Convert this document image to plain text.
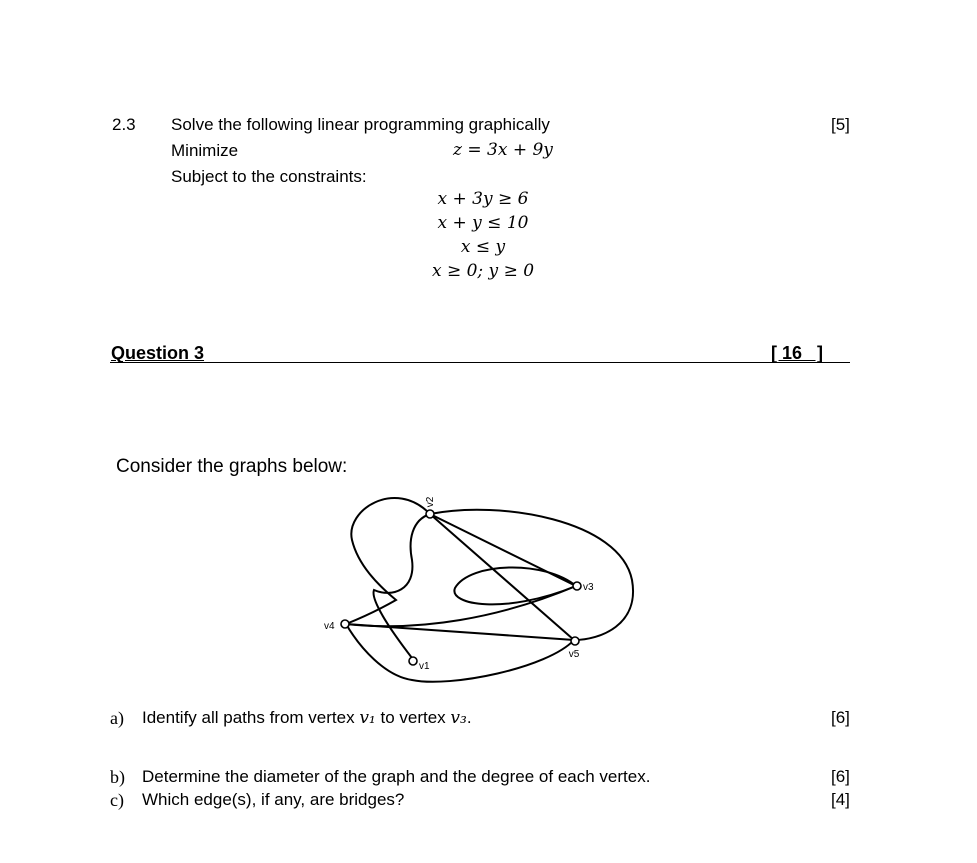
2.3 Solve the following linear programming graphically	[5]
Minimize	z = 3x + 9y
Subject to the constraints:
x + 3y ≥ 6
x + y ≤ 10
x ≤ y
x ≥ 0; y ≥ 0
Question 3	[ 16   ]
Consider the graphs below:
v2
v3
v4
v5
v1
a) Identify all paths from vertex v₁ to vertex v₃.	[6]
b) Determine the diameter of the graph and the degree of each vertex.	[6]
c) Which edge(s), if any, are bridges?	[4]
